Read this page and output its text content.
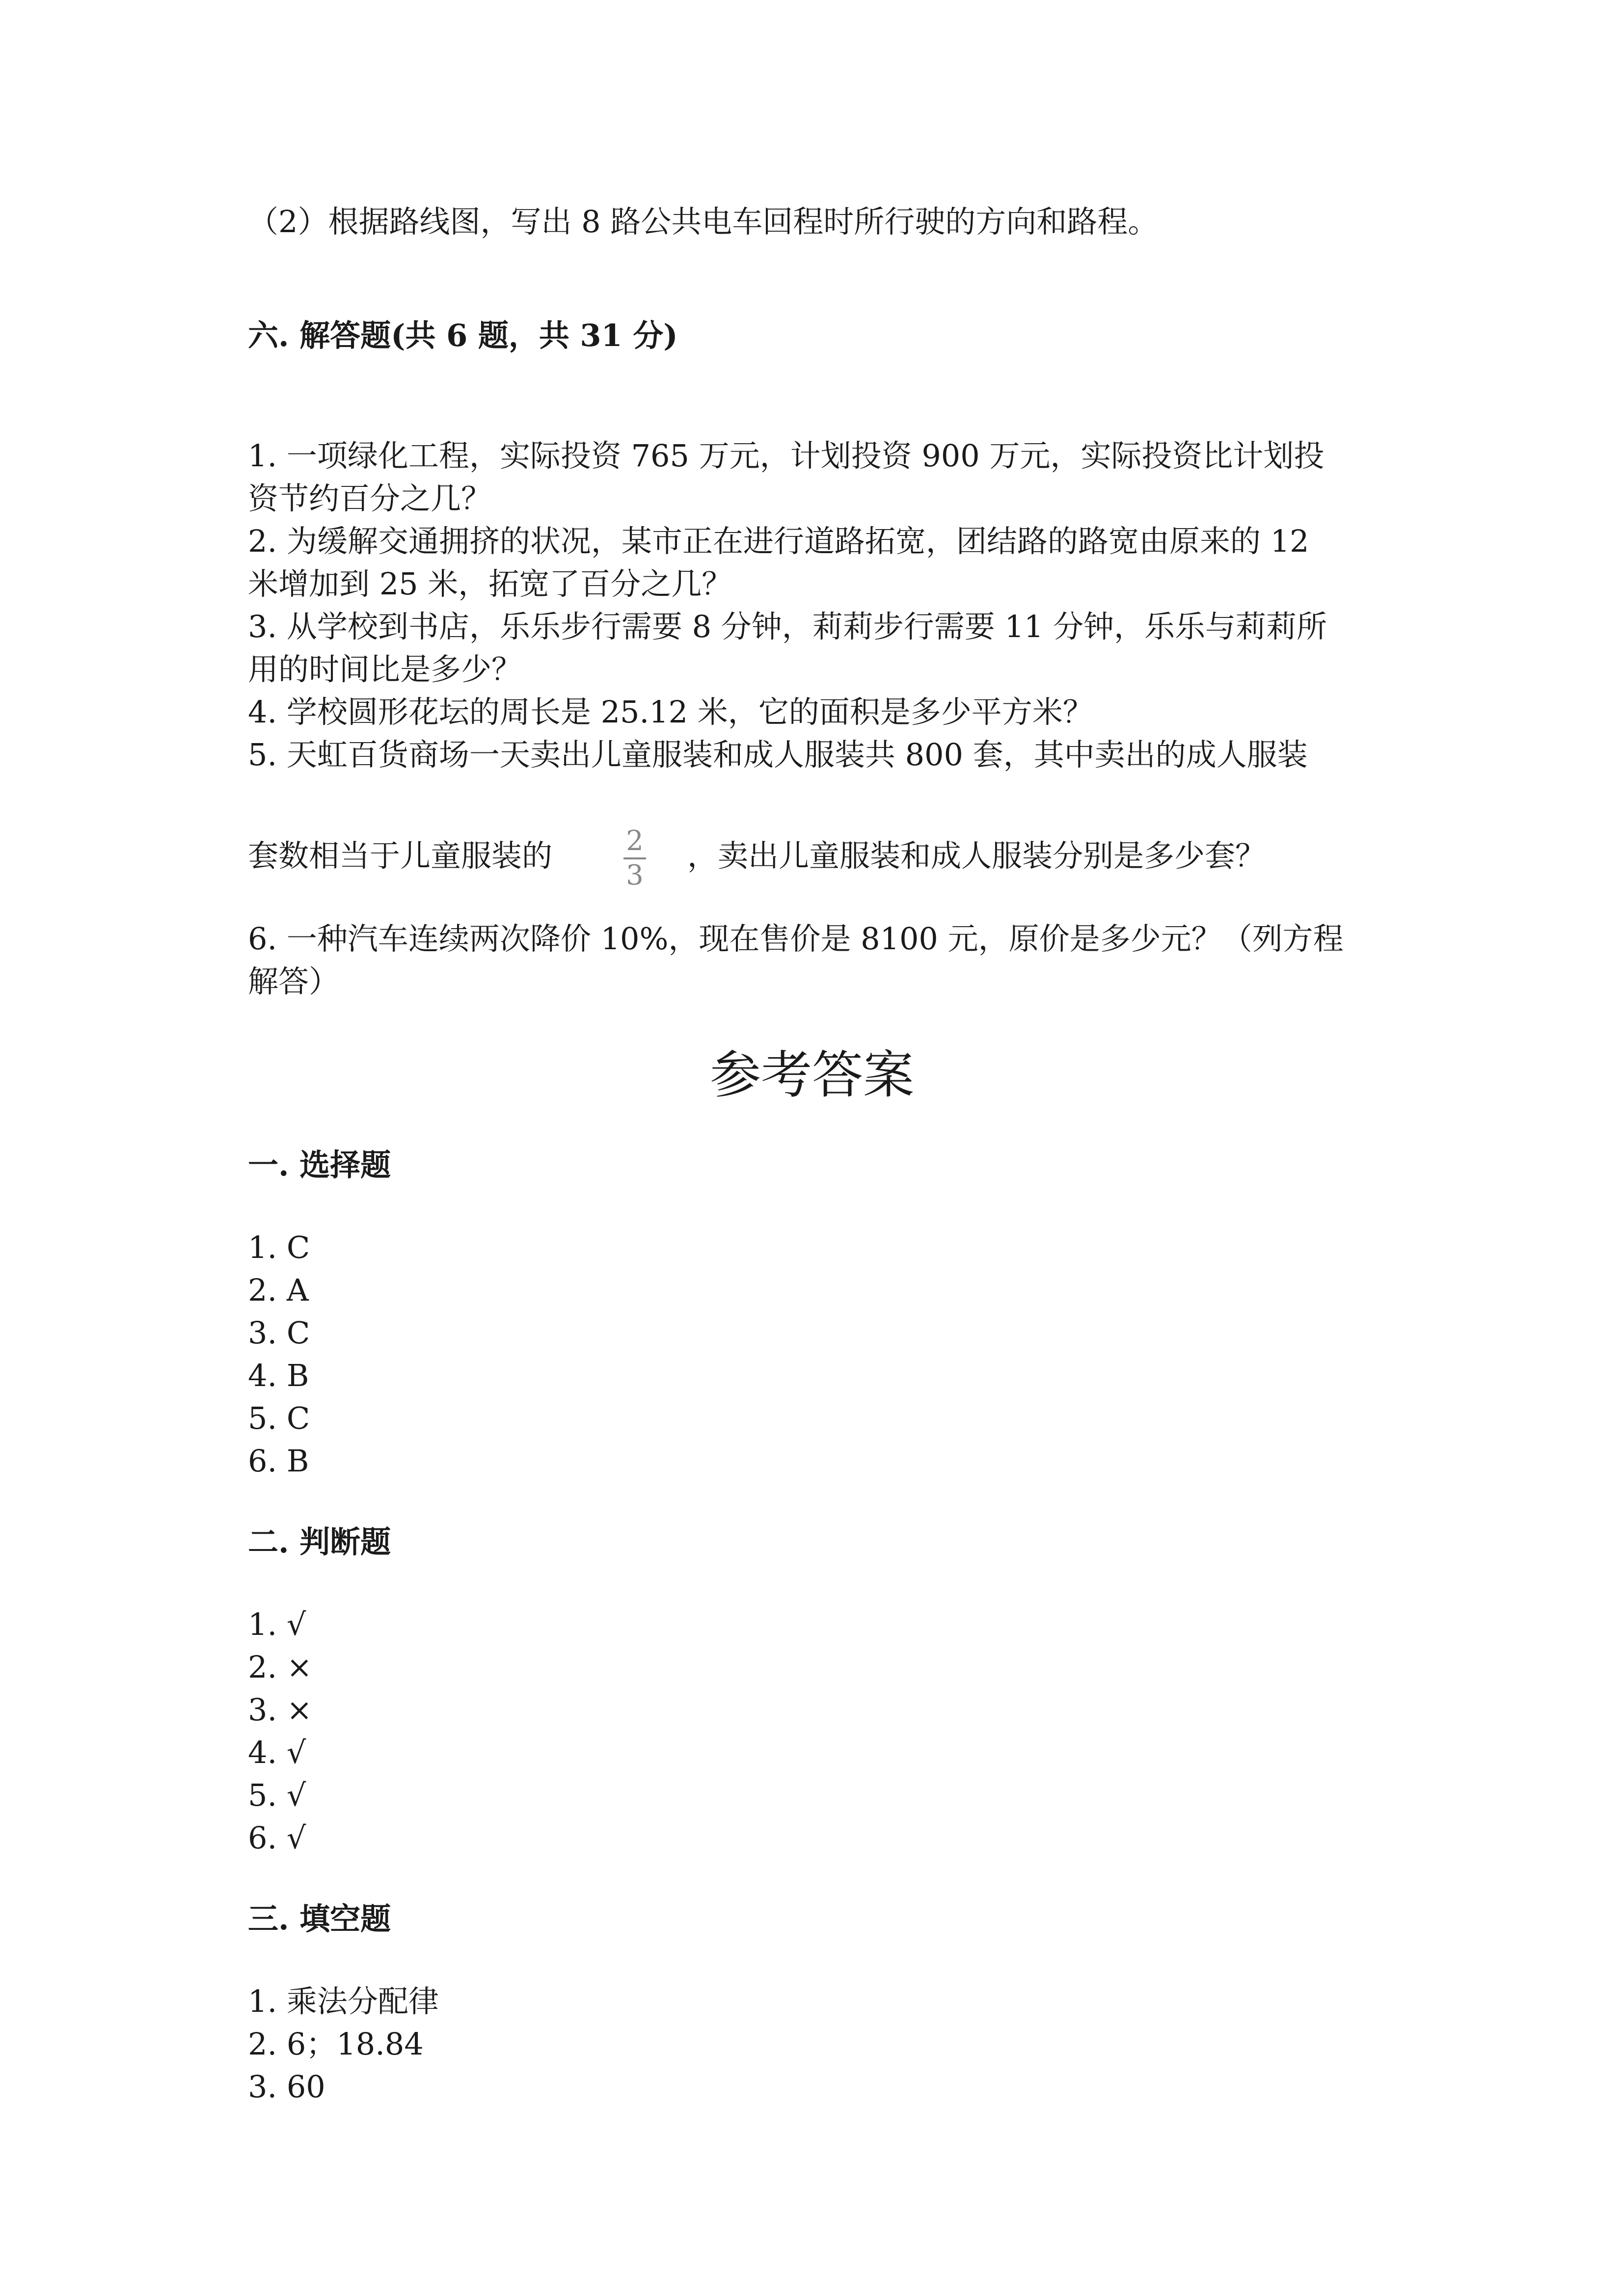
（2）根据路线图，写出 8 路公共电车回程时所行驶的方向和路程。

六. 解答题(共 6 题，共 31 分)

1. 一项绿化工程，实际投资 765 万元，计划投资 900 万元，实际投资比计划投

资节约百分之几？

2. 为缓解交通拥挤的状况，某市正在进行道路拓宽，团结路的路宽由原来的 12

米增加到 25 米，拓宽了百分之几？

3. 从学校到书店，乐乐步行需要 8 分钟，莉莉步行需要 11 分钟，乐乐与莉莉所

用的时间比是多少？

4. 学校圆形花坛的周长是 25.12 米，它的面积是多少平方米？

5. 天虹百货商场一天卖出儿童服装和成人服装共 800 套，其中卖出的成人服装

套数相当于儿童服装的	2
3

，卖出儿童服装和成人服装分别是多少套？

6. 一种汽车连续两次降价 10%，现在售价是 8100 元，原价是多少元？（列方程

解答）

参考答案

一. 选择题

1. C

2. A

3. C

4. B

5. C

6. B

二. 判断题

1. √

2. ×

3. ×

4. √

5. √

6. √

三. 填空题

1. 乘法分配律

2. 6；18.84

3. 60
